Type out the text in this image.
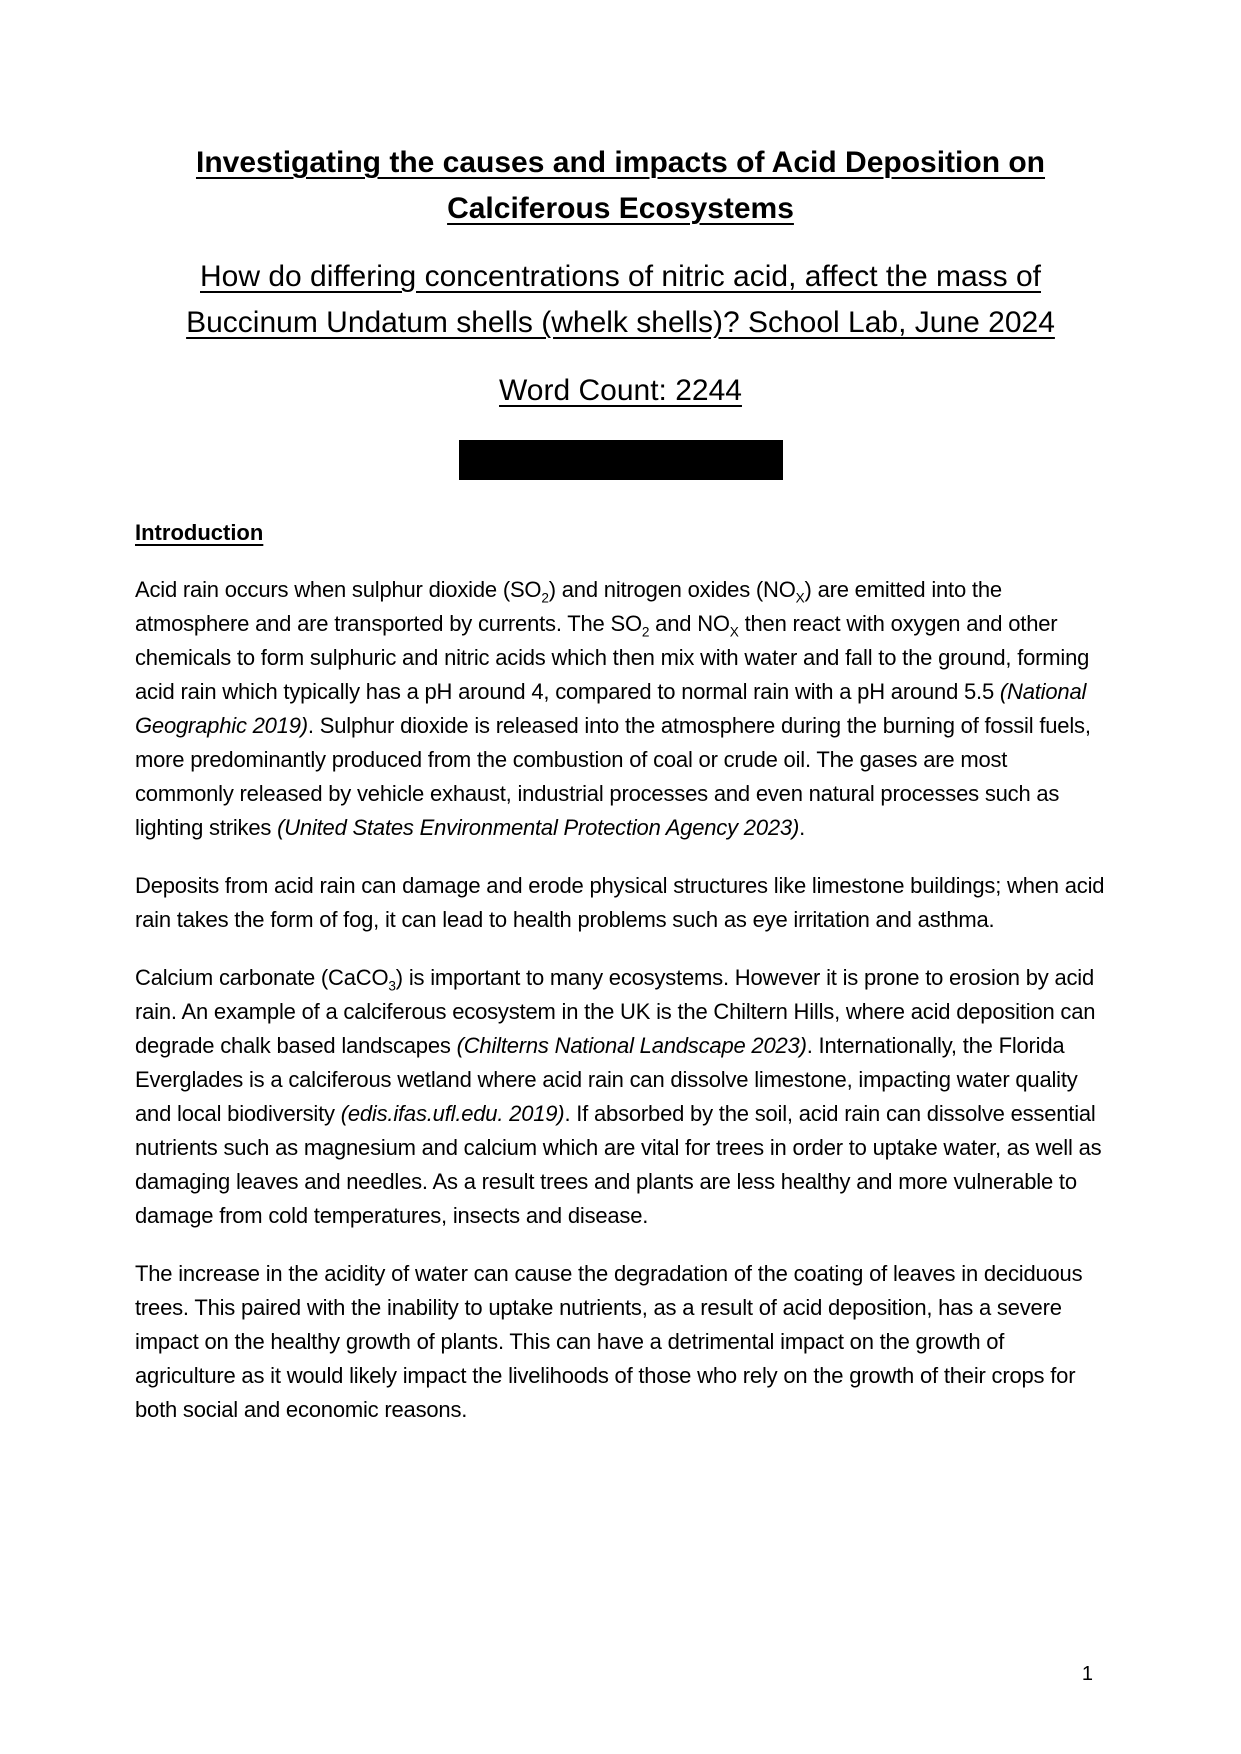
Investigating the causes and impacts of Acid Deposition on Calciferous Ecosystems
How do differing concentrations of nitric acid, affect the mass of Buccinum Undatum shells (whelk shells)? School Lab, June 2024
Word Count: 2244
Introduction

Acid rain occurs when sulphur dioxide $(SO_2)$ and nitrogen oxides $(NO_X)$ are emitted into the atmosphere and are transported by currents. The $SO_2$ and $NO_X$ then react with oxygen and other chemicals to form sulphuric and nitric acids which then mix with water and fall to the ground, forming acid rain which typically has a pH around 4, compared to normal rain with a pH around 5.5 (National Geographic 2019). Sulphur dioxide is released into the atmosphere during the burning of fossil fuels, more predominantly produced from the combustion of coal or crude oil. The gases are most commonly released by vehicle exhaust, industrial processes and even natural processes such as lighting strikes (United States Environmental Protection Agency 2023).

Deposits from acid rain can damage and erode physical structures like limestone buildings; when acid rain takes the form of fog, it can lead to health problems such as eye irritation and asthma.

Calcium carbonate (CaCO$_3$) is important to many ecosystems. However it is prone to erosion by acid rain. An example of a calciferous ecosystem in the UK is the Chiltern Hills, where acid deposition can degrade chalk based landscapes (Chilterns National Landscape 2023). Internationally, the Florida Everglades is a calciferous wetland where acid rain can dissolve limestone, impacting water quality and local biodiversity (edis.ifas.ufl.edu. 2019). If absorbed by the soil, acid rain can dissolve essential nutrients such as magnesium and calcium which are vital for trees in order to uptake water, as well as damaging leaves and needles. As a result trees and plants are less healthy and more vulnerable to damage from cold temperatures, insects and disease.

The increase in the acidity of water can cause the degradation of the coating of leaves in deciduous trees. This paired with the inability to uptake nutrients, as a result of acid deposition, has a severe impact on the healthy growth of plants. This can have a detrimental impact on the growth of agriculture as it would likely impact the livelihoods of those who rely on the growth of their crops for both social and economic reasons.

1
